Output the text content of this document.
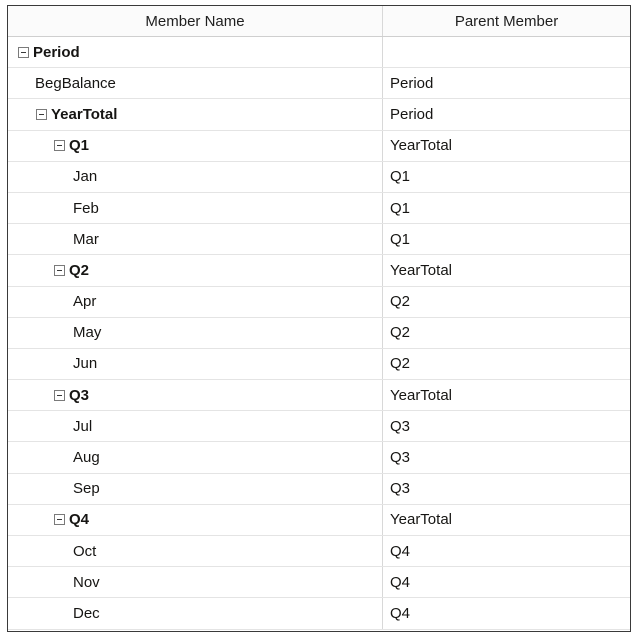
Member Name	Parent Member
Period
BegBalance	Period
YearTotal	Period
Q1	YearTotal
Jan	Q1
Feb	Q1
Mar	Q1
Q2	YearTotal
Apr	Q2
May	Q2
Jun	Q2
Q3	YearTotal
Jul	Q3
Aug	Q3
Sep	Q3
Q4	YearTotal
Oct	Q4
Nov	Q4
Dec	Q4
